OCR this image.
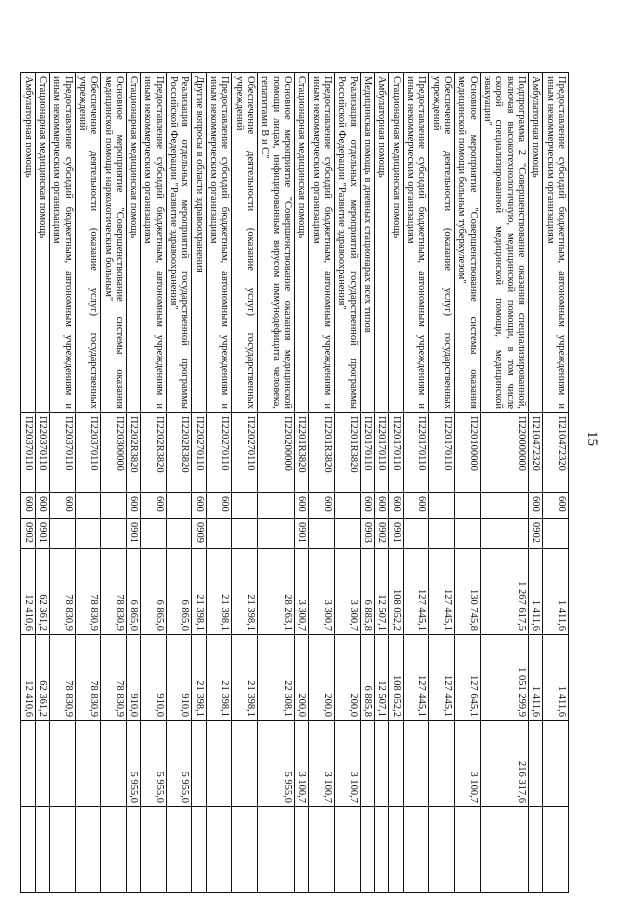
15
Предоставление субсидий бюджетным, автономным учреждениям и иным некоммерческим организациям	П210472320	600		1 411,6	1 411,6		
Амбулаторная помощь	П210472320	600	0902	1 411,6	1 411,6		
Подпрограмма 2 "Совершенствование оказания специализированной, включая высокотехнологичную, медицинской помощи, в том числе скорой специализированной медицинской помощи, медицинской эвакуации"	П220000000			1 267 617,5	1 051 299,9	216 317,6	
Основное мероприятие "Совершенствование системы оказания медицинской помощи больным туберкулезом"	П220100000			130 745,8	127 645,1	3 100,7	
Обеспечение деятельности (оказание услуг) государственных учреждений	П220170110			127 445,1	127 445,1		
Предоставление субсидий бюджетным, автономным учреждениям и иным некоммерческим организациям	П220170110	600		127 445,1	127 445,1		
Стационарная медицинская помощь	П220170110	600	0901	108 052,2	108 052,2		
Амбулаторная помощь	П220170110	600	0902	12 507,1	12 507,1		
Медицинская помощь в дневных стационарах всех типов	П220170110	600	0903	6 885,8	6 885,8		
Реализация отдельных мероприятий государственной программы Российской Федерации "Развитие здравоохранения"	П2201R3820			3 300,7	200,0	3 100,7	
Предоставление субсидий бюджетным, автономным учреждениям и иным некоммерческим организациям	П2201R3820	600		3 300,7	200,0	3 100,7	
Стационарная медицинская помощь	П2201R3820	600	0901	3 300,7	200,0	3 100,7	
Основное мероприятие "Совершенствование оказания медицинской помощи лицам, инфицированным вирусом иммунодефицита человека, гепатитами В и С"	П220200000			28 263,1	22 308,1	5 955,0	
Обеспечение деятельности (оказание услуг) государственных учреждений	П220270110			21 398,1	21 398,1		
Предоставление субсидий бюджетным, автономным учреждениям и иным некоммерческим организациям	П220270110	600		21 398,1	21 398,1		
Другие вопросы в области здравоохранения	П220270110	600	0909	21 398,1	21 398,1		
Реализация отдельных мероприятий государственной программы Российской Федерации "Развитие здравоохранения"	П2202R3820			6 865,0	910,0	5 955,0	
Предоставление субсидий бюджетным, автономным учреждениям и иным некоммерческим организациям	П2202R3820	600		6 865,0	910,0	5 955,0	
Стационарная медицинская помощь	П2202R3820	600	0901	6 865,0	910,0	5 955,0	
Основное мероприятие "Совершенствование системы оказания медицинской помощи наркологическим больным"	П220300000			78 830,9	78 830,9		
Обеспечение деятельности (оказание услуг) государственных учреждений	П220370110			78 830,9	78 830,9		
Предоставление субсидий бюджетным, автономным учреждениям и иным некоммерческим организациям	П220370110	600		78 830,9	78 830,9		
Стационарная медицинская помощь	П220370110	600	0901	62 361,2	62 361,2		
Амбулаторная помощь	П220370110	600	0902	12 410,6	12 410,6		
